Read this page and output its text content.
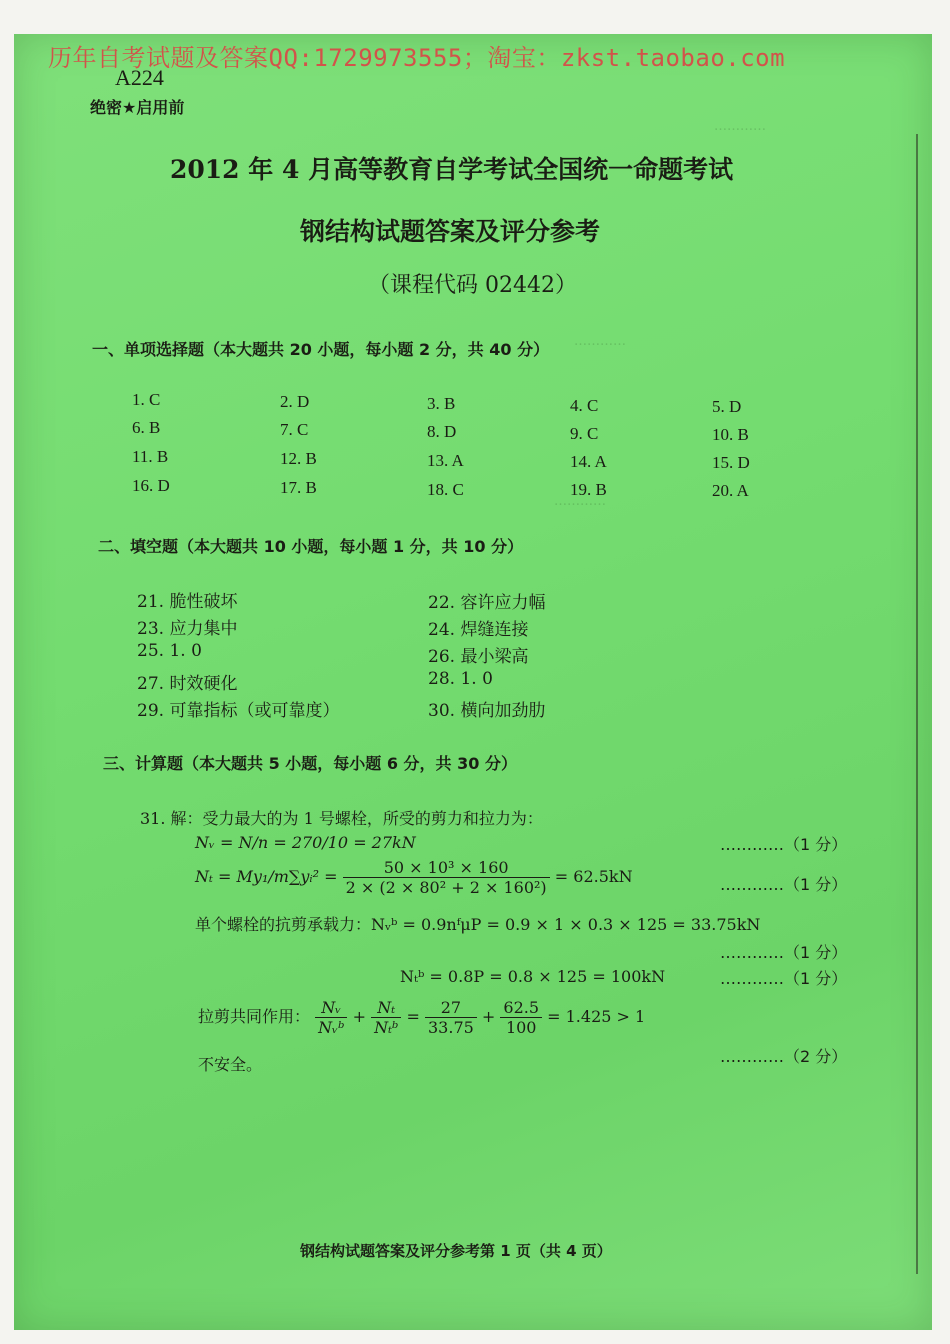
…………
…………
…………
历年自考试题及答案QQ:1729973555；淘宝：zkst.taobao.com
A224
绝密★启用前
2012 年 4 月高等教育自学考试全国统一命题考试
钢结构试题答案及评分参考
（课程代码 02442）
一、单项选择题（本大题共 20 小题，每小题 2 分，共 40 分）
1. C	2. D	3. B	4. C	5. D
6. B	7. C	8. D	9. C	10. B
11. B	12. B	13. A	14. A	15. D
16. D	17. B	18. C	19. B	20. A
二、填空题（本大题共 10 小题，每小题 1 分，共 10 分）
21. 脆性破坏	22. 容许应力幅
23. 应力集中	24. 焊缝连接
25. 1. 0	26. 最小梁高
27. 时效硬化	28. 1. 0
29. 可靠指标（或可靠度）	30. 横向加劲肋
三、计算题（本大题共 5 小题，每小题 6 分，共 30 分）
31. 解：受力最大的为 1 号螺栓，所受的剪力和拉力为：
Nᵥ = N/n = 270/10 = 27kN	…………（1 分）
Nₜ = My₁/m∑yᵢ² = $\frac{\text{50 × 10³ × 160}}{\text{2 × (2 × 80² + 2 × 160²)}} = 62.5kN$	…………（1 分）
单个螺栓的抗剪承载力：Nᵥᵇ = 0.9nᶠμP = 0.9 × 1 × 0.3 × 125 = 33.75kN
…………（1 分）
Nₜᵇ = 0.8P = 0.8 × 125 = 100kN	…………（1 分）
拉剪共同作用： $\frac{\text{Nᵥ}}{\text{Nᵥᵇ}} + \frac{\text{Nₜ}}{\text{Nₜᵇ}} = \frac{27}{33.75} + \frac{62.5}{100} = 1.425 > 1$
不安全。	…………（2 分）
钢结构试题答案及评分参考第 1 页（共 4 页）
